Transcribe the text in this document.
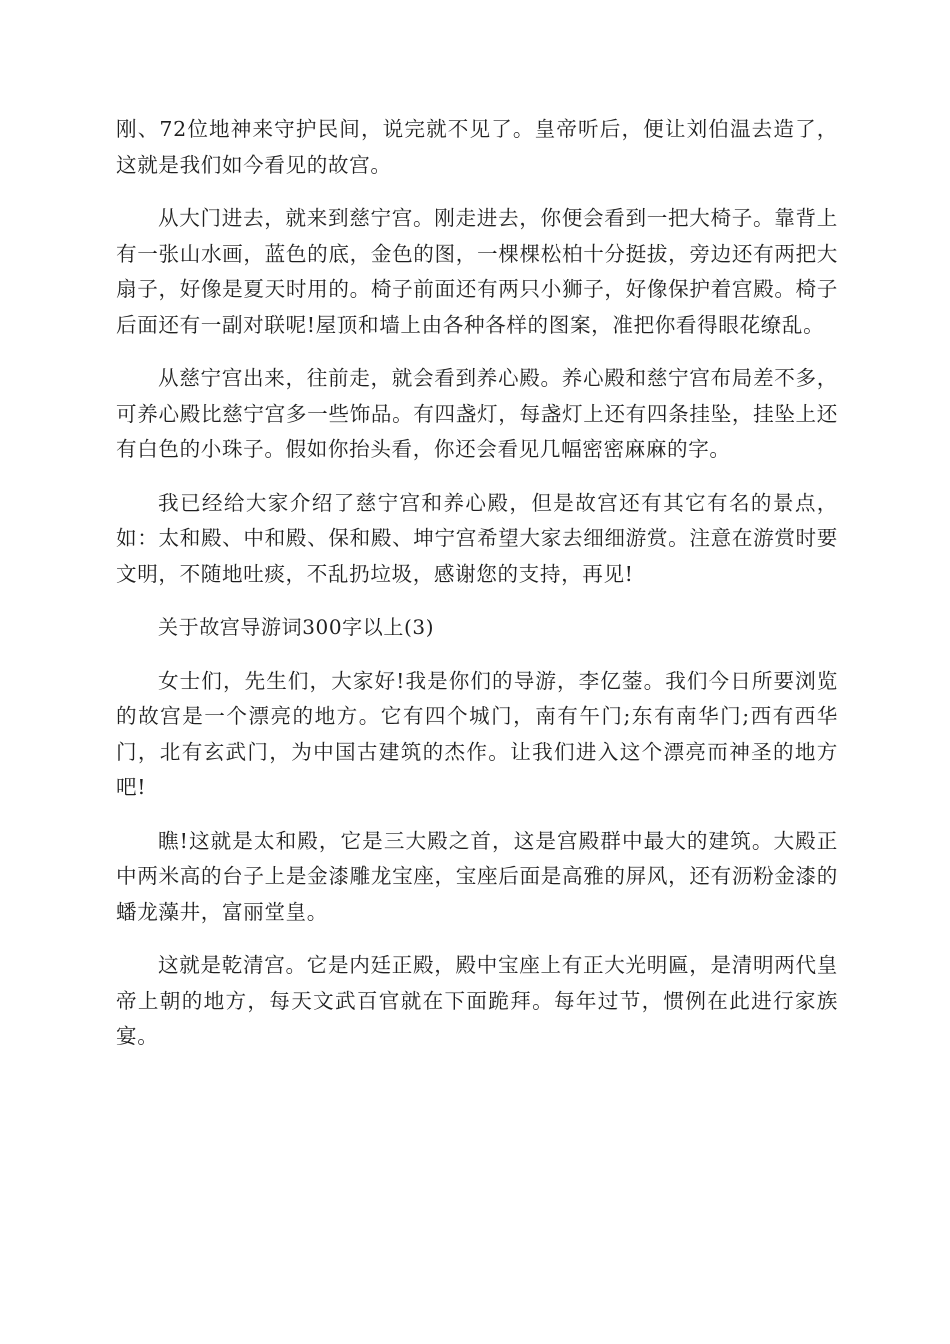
刚、72位地神来守护民间，说完就不见了。皇帝听后，便让刘伯温去造了，这就是我们如今看见的故宫。

从大门进去，就来到慈宁宫。刚走进去，你便会看到一把大椅子。靠背上有一张山水画，蓝色的底，金色的图，一棵棵松柏十分挺拔，旁边还有两把大扇子，好像是夏天时用的。椅子前面还有两只小狮子，好像保护着宫殿。椅子后面还有一副对联呢!屋顶和墙上由各种各样的图案，准把你看得眼花缭乱。

从慈宁宫出来，往前走，就会看到养心殿。养心殿和慈宁宫布局差不多，可养心殿比慈宁宫多一些饰品。有四盏灯，每盏灯上还有四条挂坠，挂坠上还有白色的小珠子。假如你抬头看，你还会看见几幅密密麻麻的字。

我已经给大家介绍了慈宁宫和养心殿，但是故宫还有其它有名的景点，如：太和殿、中和殿、保和殿、坤宁宫希望大家去细细游赏。注意在游赏时要文明，不随地吐痰，不乱扔垃圾，感谢您的支持，再见!

关于故宫导游词300字以上(3)

女士们，先生们，大家好!我是你们的导游，李亿蓥。我们今日所要浏览的故宫是一个漂亮的地方。它有四个城门，南有午门;东有南华门;西有西华门，北有玄武门，为中国古建筑的杰作。让我们进入这个漂亮而神圣的地方吧!

瞧!这就是太和殿，它是三大殿之首，这是宫殿群中最大的建筑。大殿正中两米高的台子上是金漆雕龙宝座，宝座后面是高雅的屏风，还有沥粉金漆的蟠龙藻井，富丽堂皇。

这就是乾清宫。它是内廷正殿，殿中宝座上有正大光明匾，是清明两代皇帝上朝的地方，每天文武百官就在下面跪拜。每年过节，惯例在此进行家族宴。
